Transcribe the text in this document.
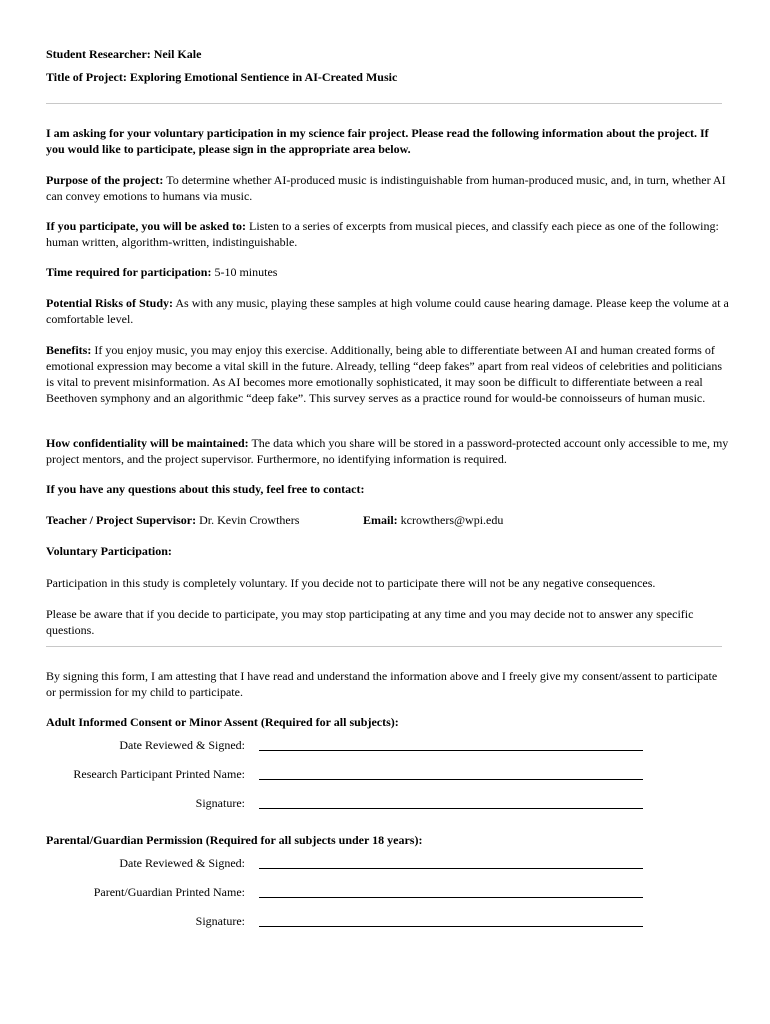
Student Researcher: Neil Kale
Title of Project: Exploring Emotional Sentience in AI-Created Music

I am asking for your voluntary participation in my science fair project. Please read the following information about the project. If you would like to participate, please sign in the appropriate area below.

Purpose of the project: To determine whether AI-produced music is indistinguishable from human-produced music, and, in turn, whether AI can convey emotions to humans via music.

If you participate, you will be asked to: Listen to a series of excerpts from musical pieces, and classify each piece as one of the following: human written, algorithm-written, indistinguishable.

Time required for participation: 5-10 minutes

Potential Risks of Study: As with any music, playing these samples at high volume could cause hearing damage. Please keep the volume at a comfortable level.

Benefits: If you enjoy music, you may enjoy this exercise. Additionally, being able to differentiate between AI and human created forms of emotional expression may become a vital skill in the future. Already, telling “deep fakes” apart from real videos of celebrities and politicians is vital to prevent misinformation. As AI becomes more emotionally sophisticated, it may soon be difficult to differentiate between a real Beethoven symphony and an algorithmic “deep fake”. This survey serves as a practice round for would-be connoisseurs of human music.

How confidentiality will be maintained: The data which you share will be stored in a password-protected account only accessible to me, my project mentors, and the project supervisor. Furthermore, no identifying information is required.

If you have any questions about this study, feel free to contact:
Teacher / Project Supervisor: Dr. Kevin Crowthers	Email: kcrowthers@wpi.edu
Voluntary Participation:

Participation in this study is completely voluntary. If you decide not to participate there will not be any negative consequences.

Please be aware that if you decide to participate, you may stop participating at any time and you may decide not to answer any specific questions.

By signing this form, I am attesting that I have read and understand the information above and I freely give my consent/assent to participate or permission for my child to participate.

Adult Informed Consent or Minor Assent (Required for all subjects):
Date Reviewed & Signed:
Research Participant Printed Name:
Signature:
Parental/Guardian Permission (Required for all subjects under 18 years):
Date Reviewed & Signed:
Parent/Guardian Printed Name:
Signature:
